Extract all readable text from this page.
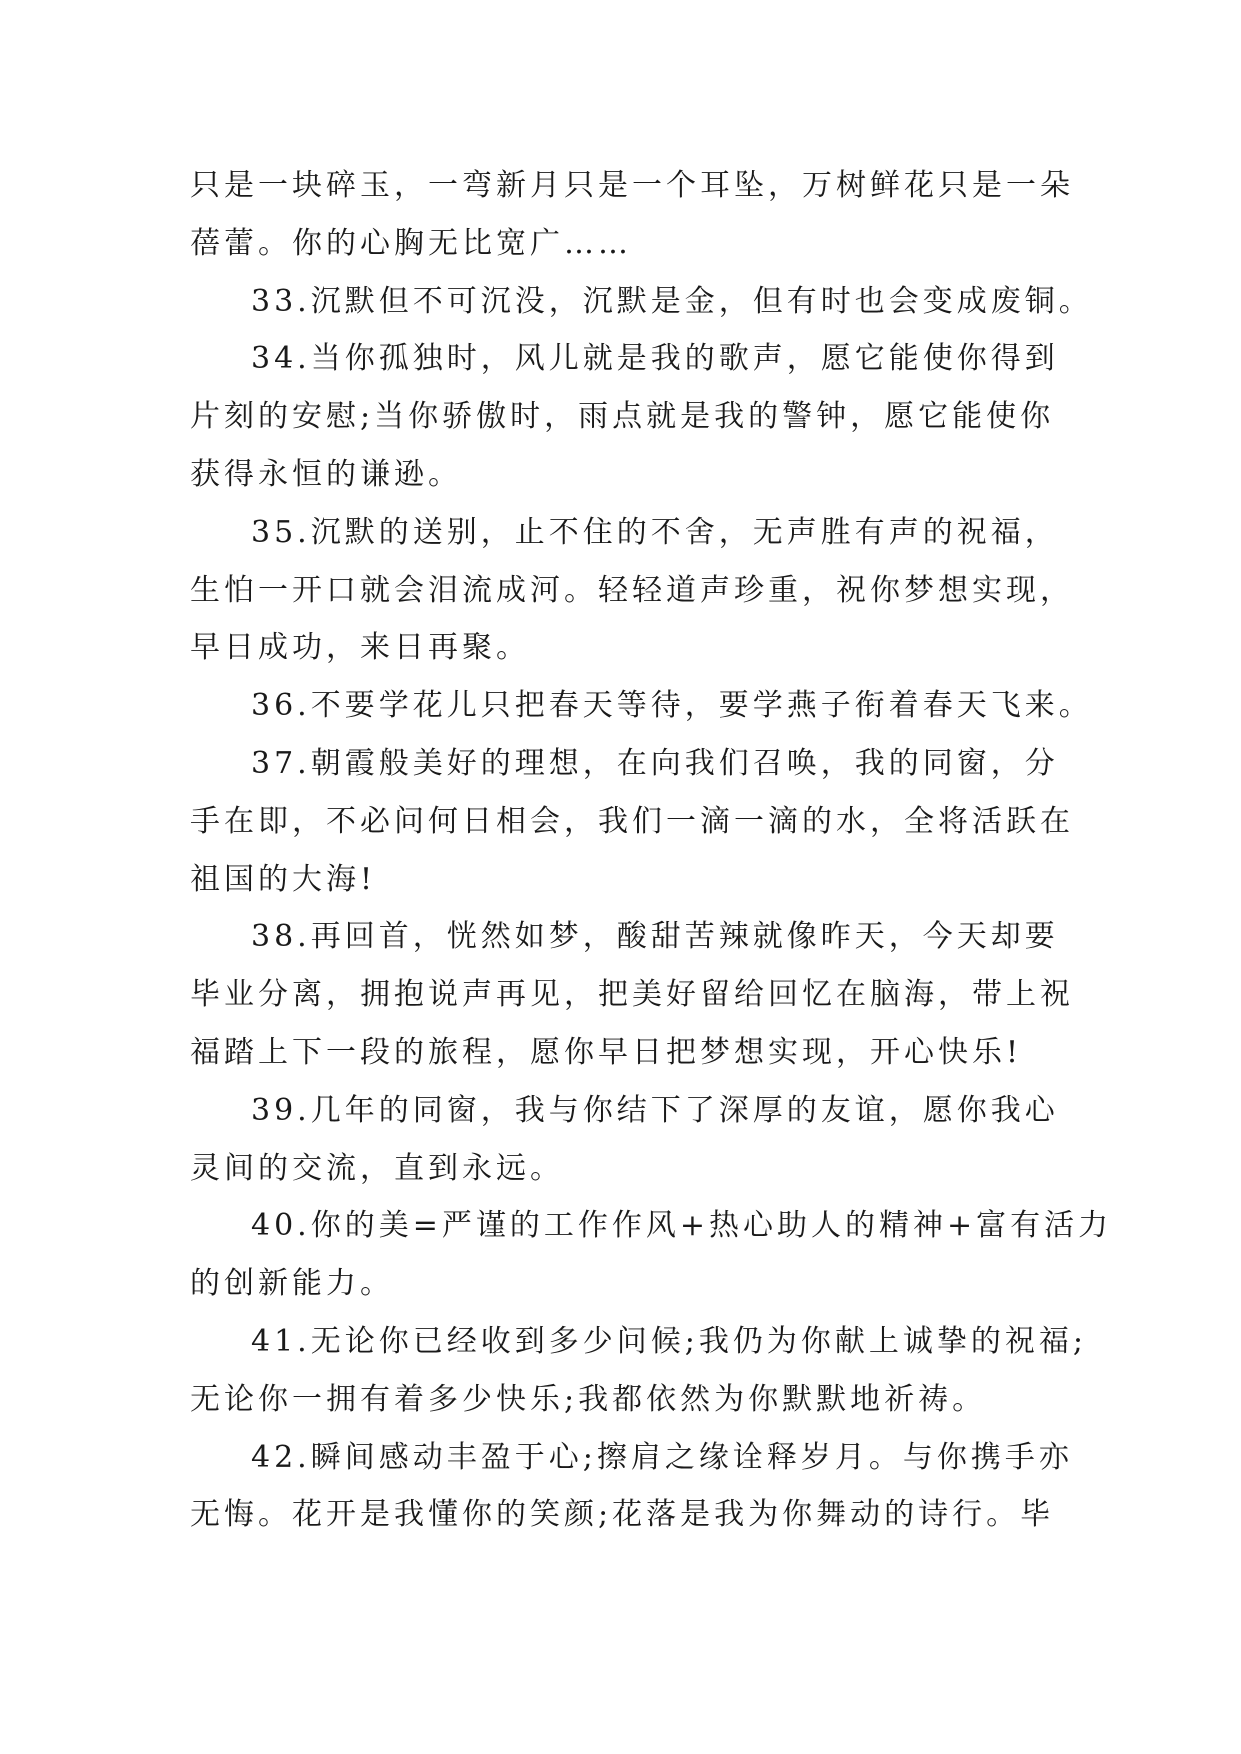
只是一块碎玉，一弯新月只是一个耳坠，万树鲜花只是一朵
蓓蕾。你的心胸无比宽广……
33.沉默但不可沉没，沉默是金，但有时也会变成废铜。
34.当你孤独时，风儿就是我的歌声，愿它能使你得到
片刻的安慰;当你骄傲时，雨点就是我的警钟，愿它能使你
获得永恒的谦逊。
35.沉默的送别，止不住的不舍，无声胜有声的祝福，
生怕一开口就会泪流成河。轻轻道声珍重，祝你梦想实现，
早日成功，来日再聚。
36.不要学花儿只把春天等待，要学燕子衔着春天飞来。
37.朝霞般美好的理想，在向我们召唤，我的同窗，分
手在即，不必问何日相会，我们一滴一滴的水，全将活跃在
祖国的大海!
38.再回首，恍然如梦，酸甜苦辣就像昨天，今天却要
毕业分离，拥抱说声再见，把美好留给回忆在脑海，带上祝
福踏上下一段的旅程，愿你早日把梦想实现，开心快乐!
39.几年的同窗，我与你结下了深厚的友谊，愿你我心
灵间的交流，直到永远。
40.你的美=严谨的工作作风+热心助人的精神+富有活力
的创新能力。
41.无论你已经收到多少问候;我仍为你献上诚挚的祝福;
无论你一拥有着多少快乐;我都依然为你默默地祈祷。
42.瞬间感动丰盈于心;擦肩之缘诠释岁月。与你携手亦
无悔。花开是我懂你的笑颜;花落是我为你舞动的诗行。毕
